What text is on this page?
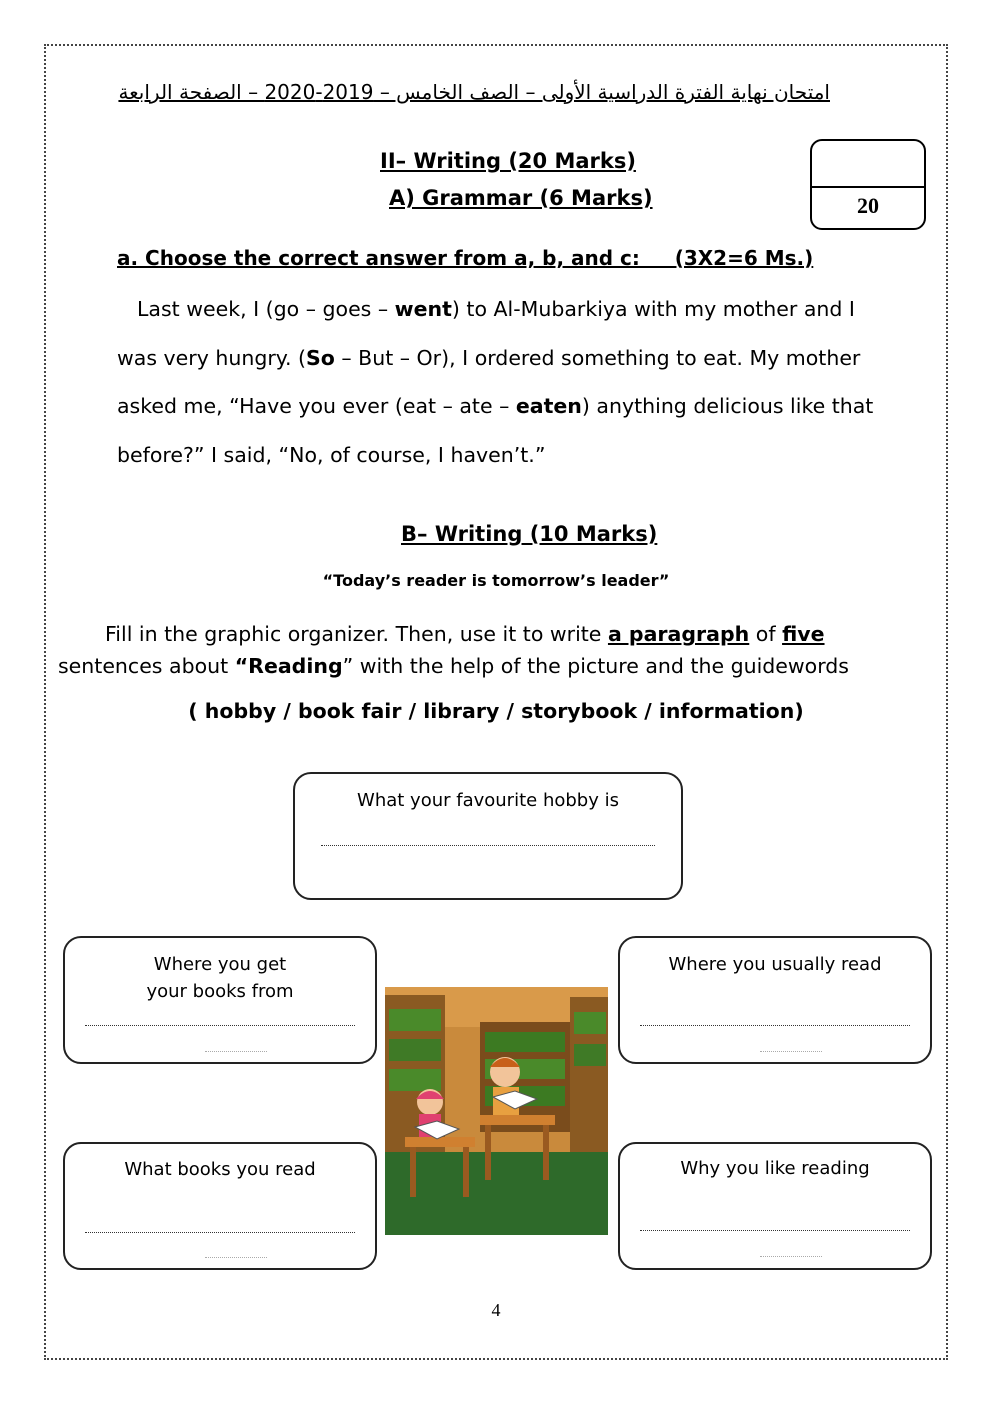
امتحان نهاية الفترة الدراسية الأولى – الصف الخامس – 2019-2020 – الصفحة الرابعة
II– Writing (20 Marks)
A) Grammar (6 Marks)	20
a. Choose the correct answer from a, b, and c:     (3X2=6 Ms.)
Last week, I (go – goes – went) to Al-Mubarkiya with my mother and I
was very hungry. (So – But – Or), I ordered something to eat. My mother
asked me, “Have you ever (eat – ate – eaten) anything delicious like that
before?” I said, “No, of course, I haven’t.”
B– Writing (10 Marks)
“Today’s reader is tomorrow’s leader”
Fill in the graphic organizer. Then, use it to write a paragraph of five
sentences about “Reading” with the help of the picture and the guidewords
( hobby / book fair / library / storybook / information)
What your favourite hobby is
Where you get
your books from
Where you usually read
What books you read	Why you like reading
4
